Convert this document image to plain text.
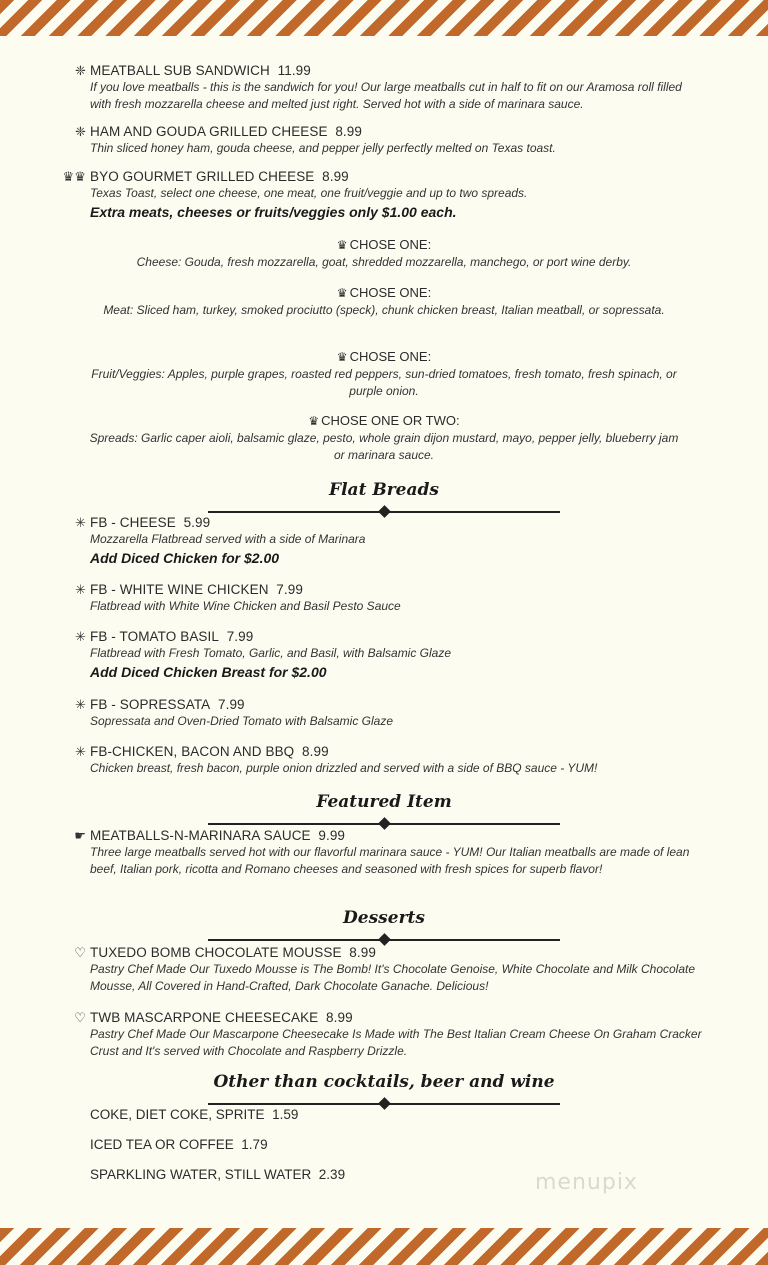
❈ MEATBALL SUB SANDWICH
11.99
If you love meatballs - this is the sandwich for you! Our large meatballs cut in half to fit on our Aramosa roll filled with fresh mozzarella cheese and melted just right. Served hot with a side of marinara sauce.
❈ HAM AND GOUDA GRILLED CHEESE
8.99
Thin sliced honey ham, gouda cheese, and pepper jelly perfectly melted on Texas toast.
♛♛ BYO GOURMET GRILLED CHEESE
8.99
Texas Toast, select one cheese, one meat, one fruit/veggie and up to two spreads.
Extra meats, cheeses or fruits/veggies only $1.00 each.
♛ CHOSE ONE:
Cheese: Gouda, fresh mozzarella, goat, shredded mozzarella, manchego, or port wine derby.
♛ CHOSE ONE:
Meat: Sliced ham, turkey, smoked prociutto (speck), chunk chicken breast, Italian meatball, or sopressata.
♛ CHOSE ONE:
Fruit/Veggies: Apples, purple grapes, roasted red peppers, sun-dried tomatoes, fresh tomato, fresh spinach, or purple onion.
♛ CHOSE ONE OR TWO:
Spreads: Garlic caper aioli, balsamic glaze, pesto, whole grain dijon mustard, mayo, pepper jelly, blueberry jam or marinara sauce.
Flat Breads
✳ FB - CHEESE
5.99
Mozzarella Flatbread served with a side of Marinara
Add Diced Chicken for $2.00
✳ FB - WHITE WINE CHICKEN
7.99
Flatbread with White Wine Chicken and Basil Pesto Sauce
✳ FB - TOMATO BASIL
7.99
Flatbread with Fresh Tomato, Garlic, and Basil, with Balsamic Glaze
Add Diced Chicken Breast for $2.00
✳ FB - SOPRESSATA
7.99
Sopressata and Oven-Dried Tomato with Balsamic Glaze
✳ FB-CHICKEN, BACON AND BBQ
8.99
Chicken breast, fresh bacon, purple onion drizzled and served with a side of BBQ sauce - YUM!
Featured Item
☛ MEATBALLS-N-MARINARA SAUCE
9.99
Three large meatballs served hot with our flavorful marinara sauce - YUM! Our Italian meatballs are made of lean beef, Italian pork, ricotta and Romano cheeses and seasoned with fresh spices for superb flavor!
Desserts
♡ TUXEDO BOMB CHOCOLATE MOUSSE
8.99
Pastry Chef Made Our Tuxedo Mousse is The Bomb! It's Chocolate Genoise, White Chocolate and Milk Chocolate Mousse, All Covered in Hand-Crafted, Dark Chocolate Ganache. Delicious!
♡ TWB MASCARPONE CHEESECAKE
8.99
Pastry Chef Made Our Mascarpone Cheesecake Is Made with The Best Italian Cream Cheese On Graham Cracker Crust and It's served with Chocolate and Raspberry Drizzle.
Other than cocktails, beer and wine
COKE, DIET COKE, SPRITE 1.59
ICED TEA OR COFFEE 1.79
SPARKLING WATER, STILL WATER 2.39	menupix
